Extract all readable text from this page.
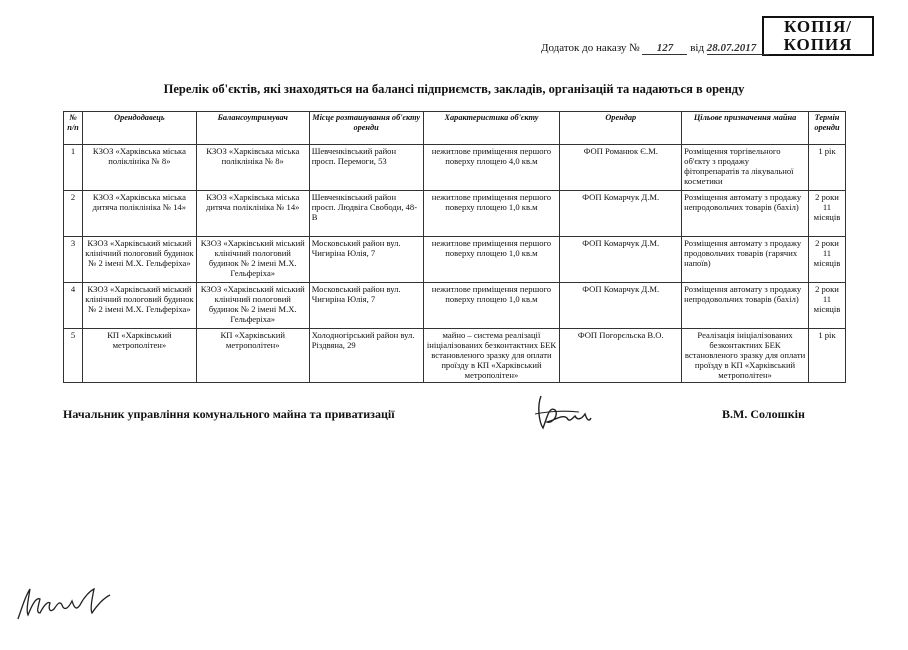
КОПІЯ/
КОПИЯ
Додаток до наказу № 127 від 28.07.2017
Перелік об'єктів, які знаходяться на балансі підприємств, закладів, організацій та надаються в оренду
№ п/п	Орендодавець	Балансоутримувач	Місце розташування об'єкту оренди	Характеристика об'єкту	Орендар	Цільове призначення майна	Термін оренди
1	КЗОЗ «Харківська міська поліклініка № 8»	КЗОЗ «Харківська міська поліклініка № 8»	Шевченківський район просп. Перемоги, 53	нежитлове приміщення першого поверху площею 4,0 кв.м	ФОП Романюк Є.М.	Розміщення торгівельного об'єкту з продажу фітопрепаратів та лікувальної косметики	1 рік
2	КЗОЗ «Харківська міська дитяча поліклініка № 14»	КЗОЗ «Харківська міська дитяча поліклініка № 14»	Шевченківський район просп. Людвіга Свободи, 48-В	нежитлове приміщення першого поверху площею 1,0 кв.м	ФОП Комарчук Д.М.	Розміщення автомату з продажу непродовольчих товарів (бахіл)	2 роки 11 місяців
3	КЗОЗ «Харківський міський клінічний пологовий будинок № 2 імені М.Х. Гельферіха»	КЗОЗ «Харківський міський клінічний пологовий будинок № 2 імені М.Х. Гельферіха»	Московський район вул. Чигиріна Юлія, 7	нежитлове приміщення першого поверху площею 1,0 кв.м	ФОП Комарчук Д.М.	Розміщення автомату з продажу продовольчих товарів (гарячих напоїв)	2 роки 11 місяців
4	КЗОЗ «Харківський міський клінічний пологовий будинок № 2 імені М.Х. Гельферіха»	КЗОЗ «Харківський міський клінічний пологовий будинок № 2 імені М.Х. Гельферіха»	Московський район вул. Чигиріна Юлія, 7	нежитлове приміщення першого поверху площею 1,0 кв.м	ФОП Комарчук Д.М.	Розміщення автомату з продажу непродовольчих товарів (бахіл)	2 роки 11 місяців
5	КП «Харківський метрополітен»	КП «Харківський метрополітен»	Холодногірський район вул. Різдвяна, 29	майно – система реалізації ініціалізованих безконтактних БЕК встановленого зразку для оплати проїзду в КП «Харківський метрополітен»	ФОП Погорєльска В.О.	Реалізація ініціалізованих безконтактних БЕК встановленого зразку для оплати проїзду в КП «Харківський метрополітен»	1 рік
Начальник управління комунального майна та приватизації	В.М. Солошкін
